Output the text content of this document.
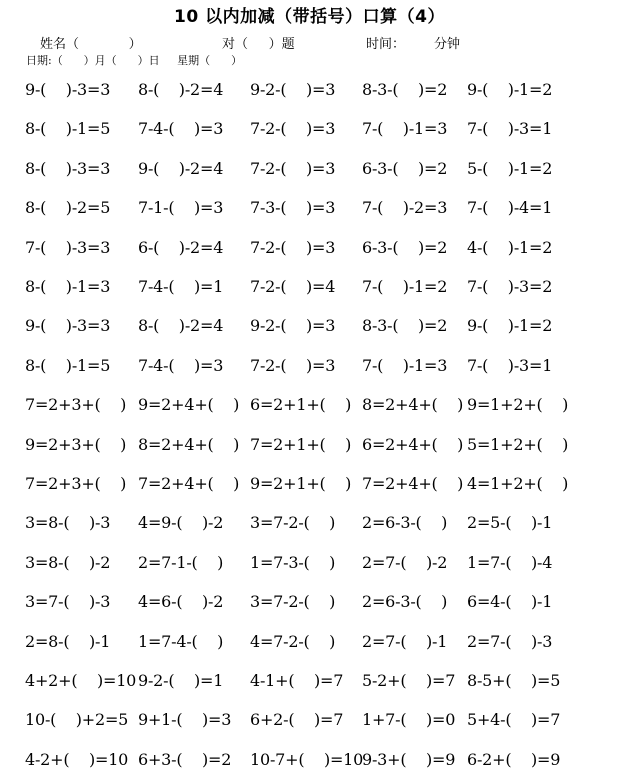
10 以内加减（带括号）口算（4）
姓名（            ）	对（     ）题	时间： 分钟
日期:（      ）月（      ）日     星期（      ）
9-(    )-3=3 8-(    )-2=4 9-2-(    )=3 8-3-(    )=2 9-(    )-1=2
8-(    )-1=5 7-4-(    )=3 7-2-(    )=3 7-(    )-1=3 7-(    )-3=1
8-(    )-3=3 9-(    )-2=4 7-2-(    )=3 6-3-(    )=2 5-(    )-1=2
8-(    )-2=5 7-1-(    )=3 7-3-(    )=3 7-(    )-2=3 7-(    )-4=1
7-(    )-3=3 6-(    )-2=4 7-2-(    )=3 6-3-(    )=2 4-(    )-1=2
8-(    )-1=3 7-4-(    )=1 7-2-(    )=4 7-(    )-1=2 7-(    )-3=2
9-(    )-3=3 8-(    )-2=4 9-2-(    )=3 8-3-(    )=2 9-(    )-1=2
8-(    )-1=5 7-4-(    )=3 7-2-(    )=3 7-(    )-1=3 7-(    )-3=1
7=2+3+(    ) 9=2+4+(    ) 6=2+1+(    ) 8=2+4+(    ) 9=1+2+(    )
9=2+3+(    ) 8=2+4+(    ) 7=2+1+(    ) 6=2+4+(    ) 5=1+2+(    )
7=2+3+(    ) 7=2+4+(    ) 9=2+1+(    ) 7=2+4+(    ) 4=1+2+(    )
3=8-(    )-3 4=9-(    )-2 3=7-2-(    ) 2=6-3-(    ) 2=5-(    )-1
3=8-(    )-2 2=7-1-(    ) 1=7-3-(    ) 2=7-(    )-2 1=7-(    )-4
3=7-(    )-3 4=6-(    )-2 3=7-2-(    ) 2=6-3-(    ) 6=4-(    )-1
2=8-(    )-1 1=7-4-(    ) 4=7-2-(    ) 2=7-(    )-1 2=7-(    )-3
4+2+(    )=10 9-2-(    )=1 4-1+(    )=7 5-2+(    )=7 8-5+(    )=5
10-(    )+2=5 9+1-(    )=3 6+2-(    )=7 1+7-(    )=0 5+4-(    )=7
4-2+(    )=10 6+3-(    )=2 10-7+(    )=10
9-3+(    )=9 6-2+(    )=9
